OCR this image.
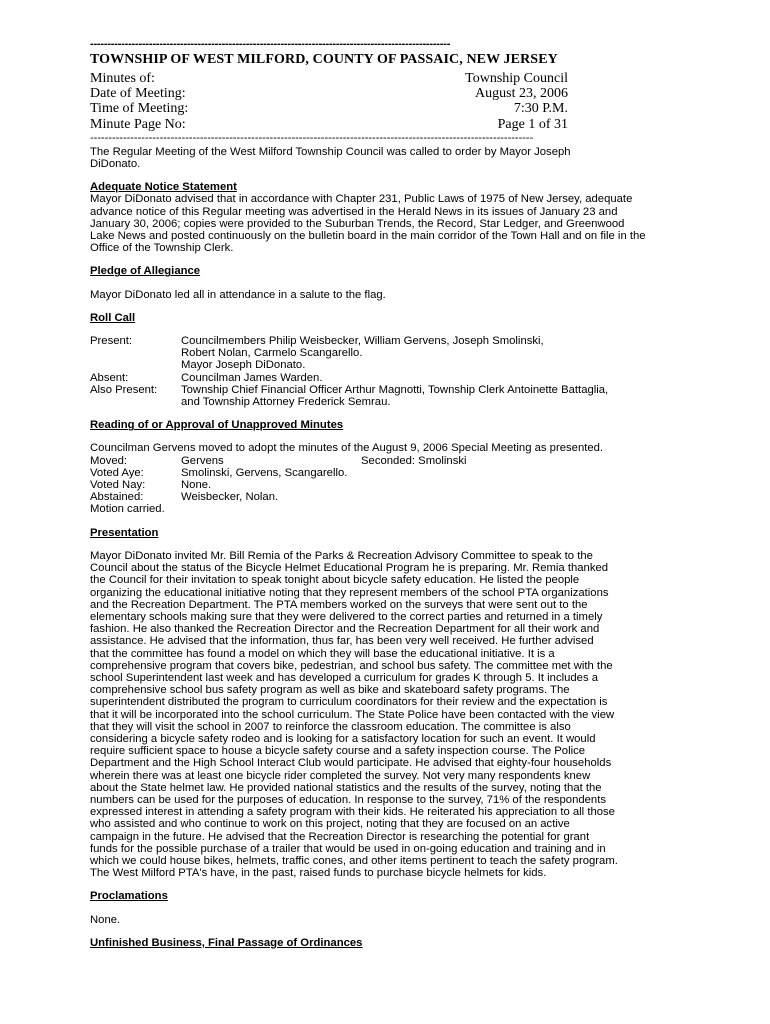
--------------------------------------------------------------------------------------------------------
TOWNSHIP OF WEST MILFORD, COUNTY OF PASSAIC, NEW JERSEY
Minutes of:	Township Council
Date of Meeting:	August 23, 2006
Time of Meeting:	7:30 P.M.
Minute Page No:	Page 1 of 31
-------------------------------------------------------------------------------------------------------------------------
The Regular Meeting of the West Milford Township Council was called to order by Mayor Joseph
DiDonato.
Adequate Notice Statement
Mayor DiDonato advised that in accordance with Chapter 231, Public Laws of 1975 of New Jersey, adequate
advance notice of this Regular meeting was advertised in the Herald News in its issues of January 23 and
January 30, 2006; copies were provided to the Suburban Trends, the Record, Star Ledger, and Greenwood
Lake News and posted continuously on the bulletin board in the main corridor of the Town Hall and on file in the
Office of the Township Clerk.
Pledge of Allegiance
Mayor DiDonato led all in attendance in a salute to the flag.
Roll Call
Present:	Councilmembers Philip Weisbecker, William Gervens, Joseph Smolinski,
Robert Nolan, Carmelo Scangarello.
Mayor Joseph DiDonato.
Absent:	Councilman James Warden.
Also Present:	Township Chief Financial Officer Arthur Magnotti, Township Clerk Antoinette Battaglia,
and Township Attorney Frederick Semrau.
Reading of or Approval of Unapproved Minutes
Councilman Gervens moved to adopt the minutes of the August 9, 2006 Special Meeting as presented.
Moved:	Gervens	Seconded: Smolinski
Voted Aye:	Smolinski, Gervens, Scangarello.
Voted Nay:	None.
Abstained:	Weisbecker, Nolan.
Motion carried.
Presentation
Mayor DiDonato invited Mr. Bill Remia of the Parks & Recreation Advisory Committee to speak to the
Council about the status of the Bicycle Helmet Educational Program he is preparing. Mr. Remia thanked
the Council for their invitation to speak tonight about bicycle safety education. He listed the people
organizing the educational initiative noting that they represent members of the school PTA organizations
and the Recreation Department. The PTA members worked on the surveys that were sent out to the
elementary schools making sure that they were delivered to the correct parties and returned in a timely
fashion. He also thanked the Recreation Director and the Recreation Department for all their work and
assistance. He advised that the information, thus far, has been very well received. He further advised
that the committee has found a model on which they will base the educational initiative. It is a
comprehensive program that covers bike, pedestrian, and school bus safety. The committee met with the
school Superintendent last week and has developed a curriculum for grades K through 5. It includes a
comprehensive school bus safety program as well as bike and skateboard safety programs. The
superintendent distributed the program to curriculum coordinators for their review and the expectation is
that it will be incorporated into the school curriculum. The State Police have been contacted with the view
that they will visit the school in 2007 to reinforce the classroom education. The committee is also
considering a bicycle safety rodeo and is looking for a satisfactory location for such an event. It would
require sufficient space to house a bicycle safety course and a safety inspection course. The Police
Department and the High School Interact Club would participate. He advised that eighty-four households
wherein there was at least one bicycle rider completed the survey. Not very many respondents knew
about the State helmet law. He provided national statistics and the results of the survey, noting that the
numbers can be used for the purposes of education. In response to the survey, 71% of the respondents
expressed interest in attending a safety program with their kids. He reiterated his appreciation to all those
who assisted and who continue to work on this project, noting that they are focused on an active
campaign in the future. He advised that the Recreation Director is researching the potential for grant
funds for the possible purchase of a trailer that would be used in on-going education and training and in
which we could house bikes, helmets, traffic cones, and other items pertinent to teach the safety program.
The West Milford PTA's have, in the past, raised funds to purchase bicycle helmets for kids.
Proclamations
None.
Unfinished Business, Final Passage of Ordinances
